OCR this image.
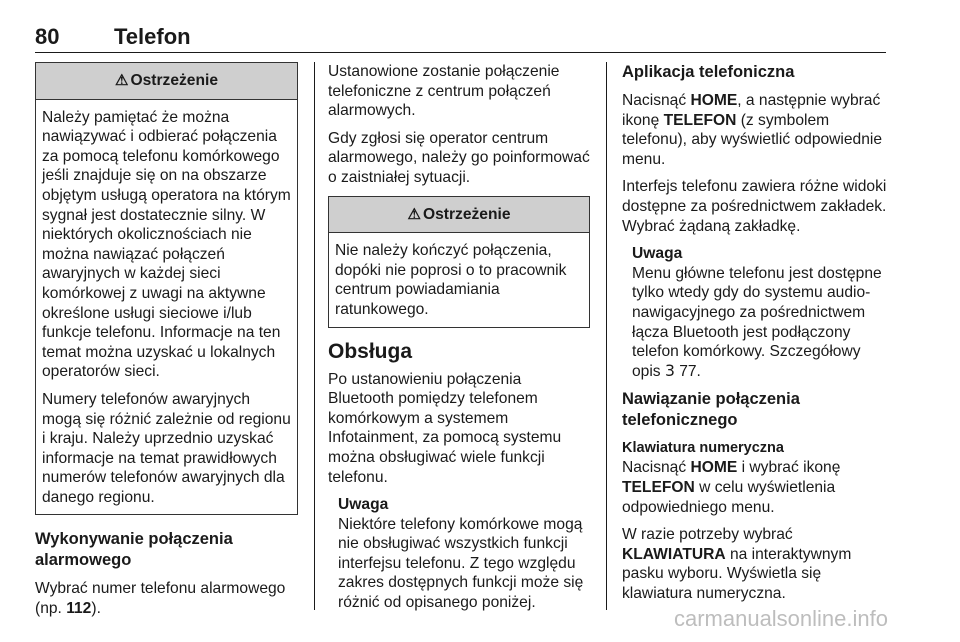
80 Telefon
⚠ Ostrzeżenie

Należy pamiętać że można nawiązywać i odbierać połączenia za pomocą telefonu komórkowego jeśli znajduje się on na obszarze objętym usługą operatora na którym sygnał jest dostatecznie silny. W niektórych okolicznościach nie można nawiązać połączeń awaryjnych w każdej sieci komórkowej z uwagi na aktywne określone usługi sieciowe i/lub funkcje telefonu. Informacje na ten temat można uzyskać u lokalnych operatorów sieci.

Numery telefonów awaryjnych mogą się różnić zależnie od regionu i kraju. Należy uprzednio uzyskać informacje na temat prawidłowych numerów telefonów awaryjnych dla danego regionu.

Wykonywanie połączenia alarmowego

Wybrać numer telefonu alarmowego (np. 112).

Ustanowione zostanie połączenie telefoniczne z centrum połączeń alarmowych.

Gdy zgłosi się operator centrum alarmowego, należy go poinformować o zaistniałej sytuacji.

⚠ Ostrzeżenie

Nie należy kończyć połączenia, dopóki nie poprosi o to pracownik centrum powiadamiania ratunkowego.

Obsługa

Po ustanowieniu połączenia Bluetooth pomiędzy telefonem komórkowym a systemem Infotainment, za pomocą systemu można obsługiwać wiele funkcji telefonu.

Uwaga
Niektóre telefony komórkowe mogą nie obsługiwać wszystkich funkcji interfejsu telefonu. Z tego względu zakres dostępnych funkcji może się różnić od opisanego poniżej.
Aplikacja telefoniczna

Nacisnąć HOME, a następnie wybrać ikonę TELEFON (z symbolem telefonu), aby wyświetlić odpowiednie menu.

Interfejs telefonu zawiera różne widoki dostępne za pośrednictwem zakładek. Wybrać żądaną zakładkę.

Uwaga
Menu główne telefonu jest dostępne tylko wtedy gdy do systemu audio-nawigacyjnego za pośrednictwem łącza Bluetooth jest podłączony telefon komórkowy. Szczegółowy opis 3 77.
Nawiązanie połączenia telefonicznego
Klawiatura numeryczna

Nacisnąć HOME i wybrać ikonę TELEFON w celu wyświetlenia odpowiedniego menu.

W razie potrzeby wybrać KLAWIATURA na interaktywnym pasku wyboru. Wyświetla się klawiatura numeryczna.

carmanualsonline.info
